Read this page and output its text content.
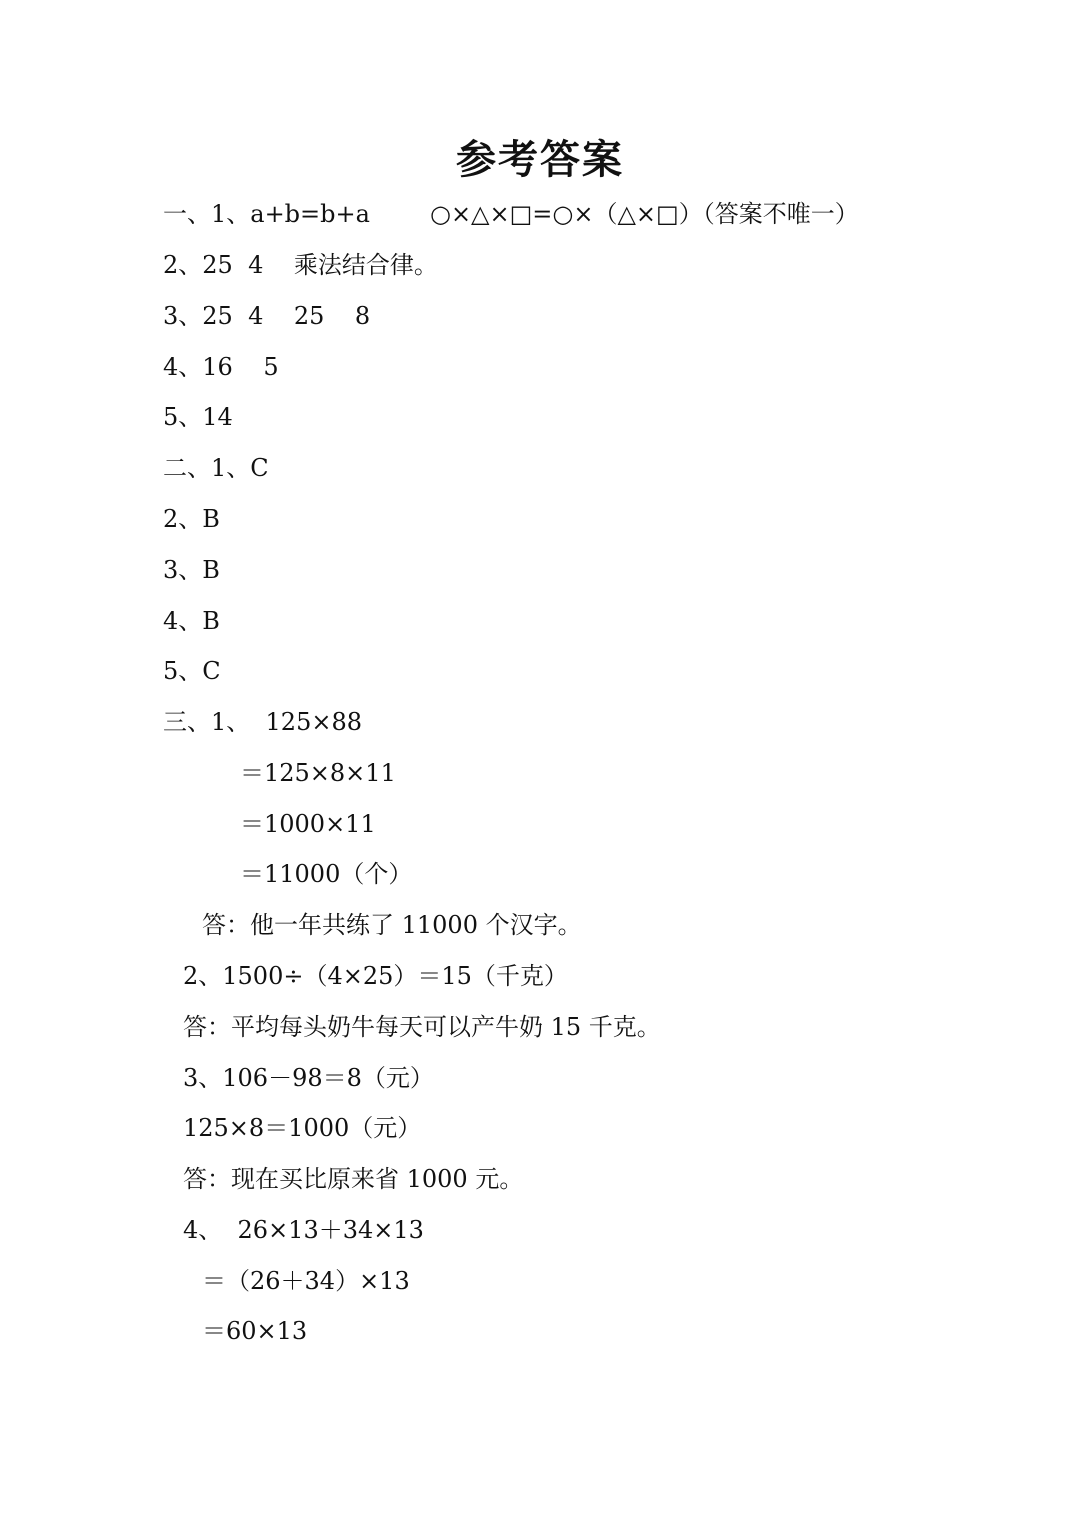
参考答案
一、1、a+b=b+a	○×△×□=○×（△×□）（答案不唯一）
2、25  4    乘法结合律。
3、25  4    25    8
4、16    5
5、14
二、1、C
2、B
3、B
4、B
5、C
三、1、  125×88
＝125×8×11
＝1000×11
＝11000（个）
答：他一年共练了 11000 个汉字。
2、1500÷（4×25）＝15（千克）
答：平均每头奶牛每天可以产牛奶 15 千克。
3、106－98＝8（元）
125×8＝1000（元）
答：现在买比原来省 1000 元。
4、  26×13＋34×13
＝（26＋34）×13
＝60×13
